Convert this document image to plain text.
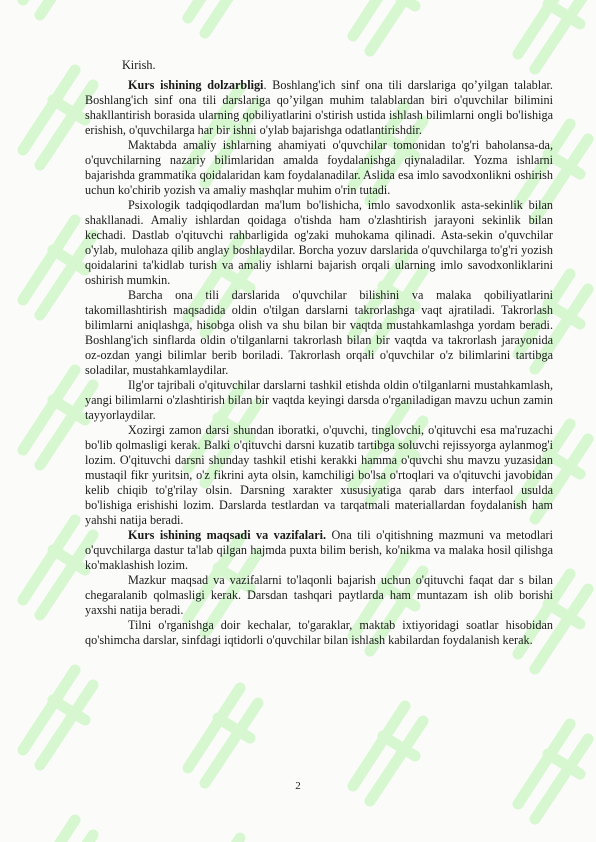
Kirish.

Kurs ishining dolzarbligi. Boshlang'ich sinf ona tili darslariga qo’yilgan talablar. Boshlang'ich sinf ona tili darslariga qo’yilgan muhim talablardan biri o'quvchilar bilimini shakllantirish borasida ularning qobiliyatlarini o'stirish ustida ishlash bilimlarni ongli bo'lishiga erishish, o'quvchilarga har bir ishni o'ylab bajarishga odatlantirishdir.

Maktabda amaliy ishlarning ahamiyati o'quvchilar tomonidan to'g'ri baholansa-da, o'quvchilarning nazariy bilimlaridan amalda foydalanishga qiynaladilar. Yozma ishlarni bajarishda grammatika qoidalaridan kam foydalanadilar. Aslida esa imlo savodxonlikni oshirish uchun ko'chirib yozish va amaliy mashqlar muhim o'rin tutadi.

Psixologik tadqiqodlardan ma'lum bo'lishicha, imlo savodxonlik asta-sekinlik bilan shakllanadi. Amaliy ishlardan qoidaga o'tishda ham o'zlashtirish jarayoni sekinlik bilan kechadi. Dastlab o'qituvchi rahbarligida og'zaki muhokama qilinadi. Asta-sekin o'quvchilar o'ylab, mulohaza qilib anglay boshlaydilar. Borcha yozuv darslarida o'quvchilarga to'g'ri yozish qoidalarini ta'kidlab turish va amaliy ishlarni bajarish orqali ularning imlo savodxonliklarini oshirish mumkin.

Barcha ona tili darslarida o'quvchilar bilishini va malaka qobiliyatlarini takomillashtirish maqsadida oldin o'tilgan darslarni takrorlashga vaqt ajratiladi. Takrorlash bilimlarni aniqlashga, hisobga olish va shu bilan bir vaqtda mustahkamlashga yordam beradi. Boshlang'ich sinflarda oldin o'tilganlarni takrorlash bilan bir vaqtda va takrorlash jarayonida oz-ozdan yangi bilimlar berib boriladi. Takrorlash orqali o'quvchilar o'z bilimlarini tartibga soladilar, mustahkamlaydilar.

Ilg'or tajribali o'qituvchilar darslarni tashkil etishda oldin o'tilganlarni mustahkamlash, yangi bilimlarni o'zlashtirish bilan bir vaqtda keyingi darsda o'rganiladigan mavzu uchun zamin tayyorlaydilar.

Xozirgi zamon darsi shundan iboratki, o'quvchi, tinglovchi, o'qituvchi esa ma'ruzachi bo'lib qolmasligi kerak. Balki o'qituvchi darsni kuzatib tartibga soluvchi rejissyorga aylanmog'i lozim. O'qituvchi darsni shunday tashkil etishi kerakki hamma o'quvchi shu mavzu yuzasidan mustaqil fikr yuritsin, o'z fikrini ayta olsin, kamchiligi bo'lsa o'rtoqlari va o'qituvchi javobidan kelib chiqib to'g'rilay olsin. Darsning xarakter xususiyatiga qarab dars interfaol usulda bo'lishiga erishishi lozim. Darslarda testlardan va tarqatmali materiallardan foydalanish ham yahshi natija beradi.

Kurs ishining maqsadi va vazifalari. Ona tili o'qitishning mazmuni va metodlari o'quvchilarga dastur ta'lab qilgan hajmda puxta bilim berish, ko'nikma va malaka hosil qilishga ko'maklashish lozim.

Mazkur maqsad va vazifalarni to'laqonli bajarish uchun o'qituvchi faqat dar s bilan chegaralanib qolmasligi kerak. Darsdan tashqari paytlarda ham muntazam ish olib borishi yaxshi natija beradi.

Tilni o'rganishga doir kechalar, to'garaklar, maktab ixtiyoridagi soatlar hisobidan qo'shimcha darslar, sinfdagi iqtidorli o'quvchilar bilan ishlash kabilardan foydalanish kerak.

2
